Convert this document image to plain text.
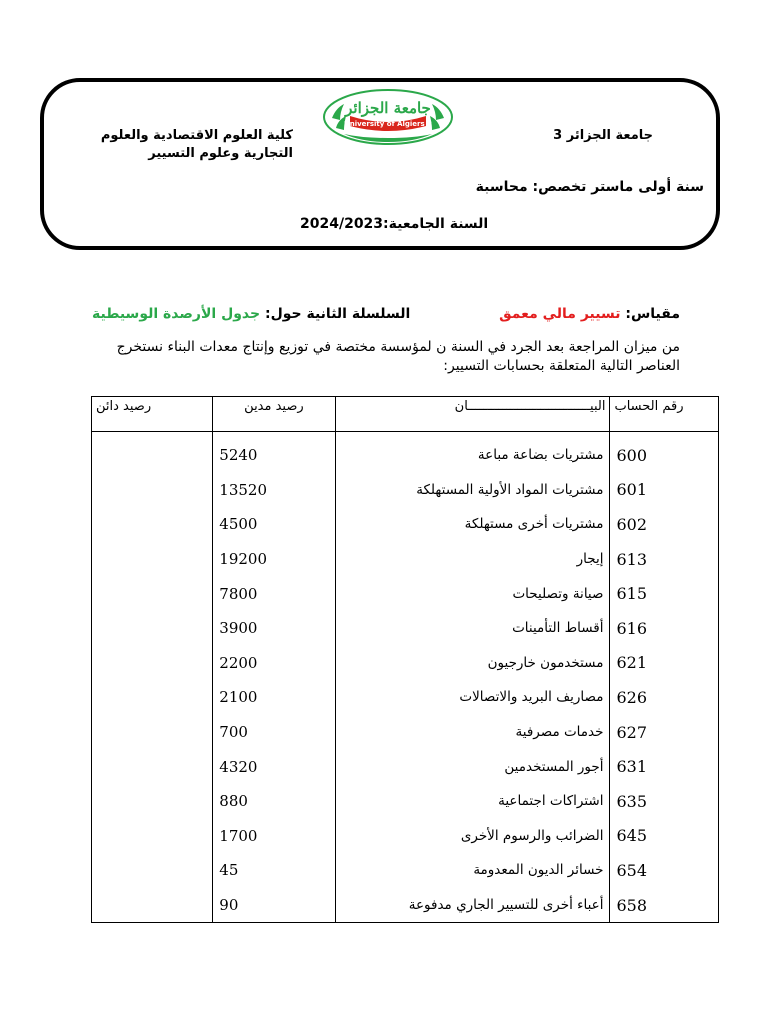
جامعة الجزائر 3
كلية العلوم الاقتصادية والعلوم
التجارية وعلوم التسيير
جامعة الجزائر
University of Algiers 3
سنة أولى ماستر تخصص: محاسبة
السنة الجامعية:2024/2023
مقياس: تسيير مالي معمق
السلسلة الثانية حول: جدول الأرصدة الوسيطية

من ميزان المراجعة بعد الجرد في السنة ن لمؤسسة مختصة في توزيع وإنتاج معدات البناء نستخرج

العناصر التالية المتعلقة بحسابات التسيير:

رقم الحساب	البيــــــــــــــــــــــــــــــــان	رصيد مدين	رصيد دائن
600	مشتريات بضاعة مباعة	5240	
601	مشتريات المواد الأولية المستهلكة	13520	
602	مشتريات أخرى مستهلكة	4500	
613	إيجار	19200	
615	صيانة وتصليحات	7800	
616	أقساط التأمينات	3900	
621	مستخدمون خارجيون	2200	
626	مصاريف البريد والاتصالات	2100	
627	خدمات مصرفية	700	
631	أجور المستخدمين	4320	
635	اشتراكات اجتماعية	880	
645	الضرائب والرسوم الأخرى	1700	
654	خسائر الديون المعدومة	45	
658	أعباء أخرى للتسيير الجاري مدفوعة	90	
